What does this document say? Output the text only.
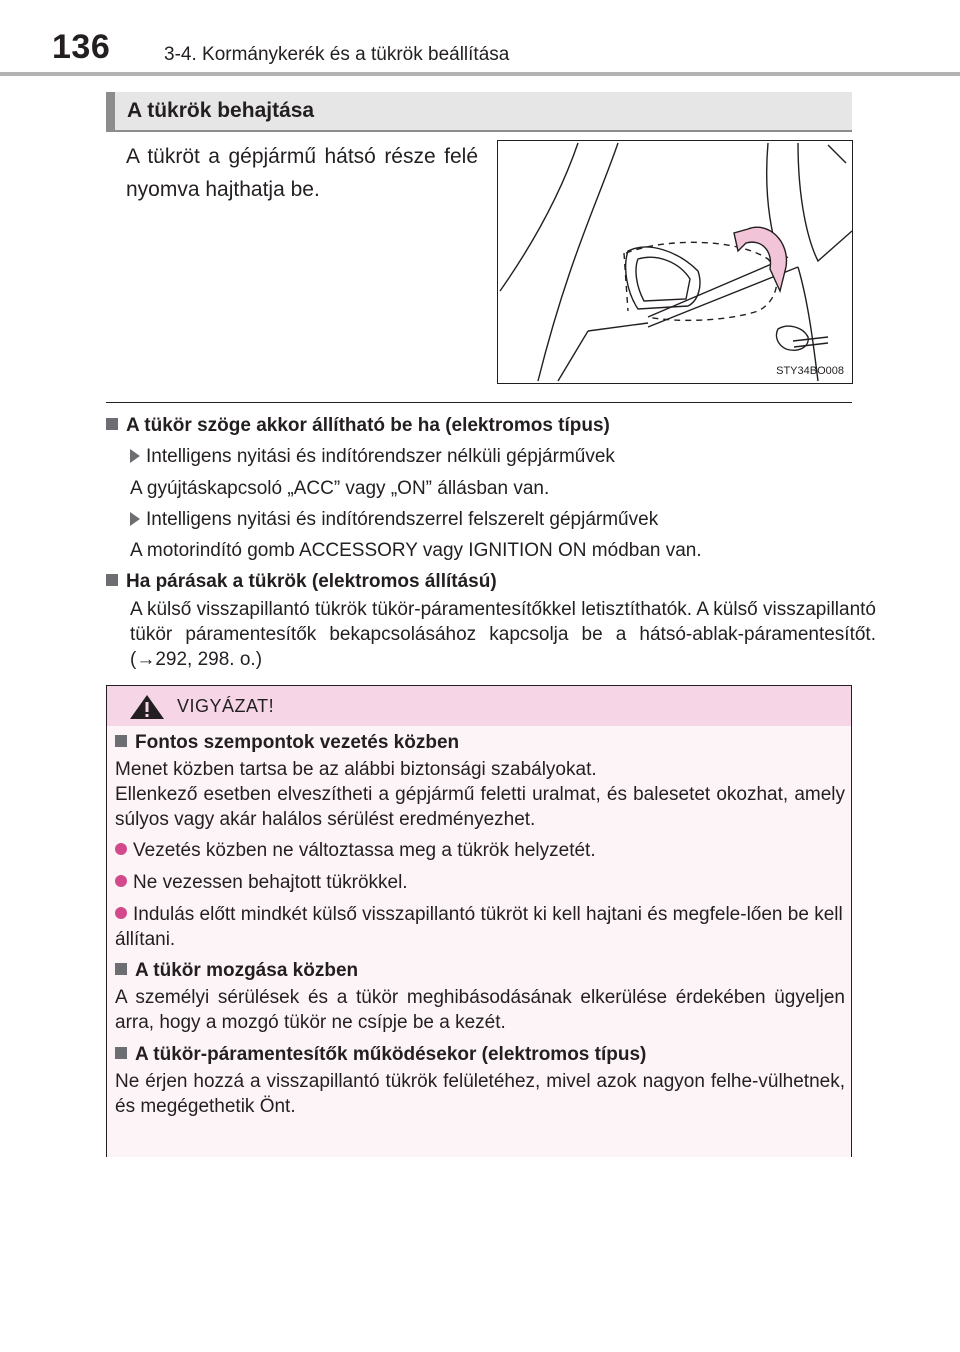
136	3-4. Kormánykerék és a tükrök beállítása
A tükrök behajtása
A tükröt a gépjármű hátsó része felé nyomva hajthatja be.
STY34BO008
A tükör szöge akkor állítható be ha (elektromos típus)
Intelligens nyitási és indítórendszer nélküli gépjárművek
A gyújtáskapcsoló „ACC” vagy „ON” állásban van.
Intelligens nyitási és indítórendszerrel felszerelt gépjárművek
A motorindító gomb ACCESSORY vagy IGNITION ON módban van.
Ha párásak a tükrök (elektromos állítású)
A külső visszapillantó tükrök tükör-páramentesítőkkel letisztíthatók. A külső visszapillantó tükör páramentesítők bekapcsolásához kapcsolja be a hátsó-ablak-páramentesítőt. (→292, 298. o.)
VIGYÁZAT!
Fontos szempontok vezetés közben
Menet közben tartsa be az alábbi biztonsági szabályokat.
Ellenkező esetben elveszítheti a gépjármű feletti uralmat, és balesetet okozhat, amely súlyos vagy akár halálos sérülést eredményezhet.
Vezetés közben ne változtassa meg a tükrök helyzetét.
Ne vezessen behajtott tükrökkel.
Indulás előtt mindkét külső visszapillantó tükröt ki kell hajtani és megfele-lően be kell állítani.
A tükör mozgása közben
A személyi sérülések és a tükör meghibásodásának elkerülése érdekében ügyeljen arra, hogy a mozgó tükör ne csípje be a kezét.
A tükör-páramentesítők működésekor (elektromos típus)
Ne érjen hozzá a visszapillantó tükrök felületéhez, mivel azok nagyon felhe-vülhetnek, és megégethetik Önt.
